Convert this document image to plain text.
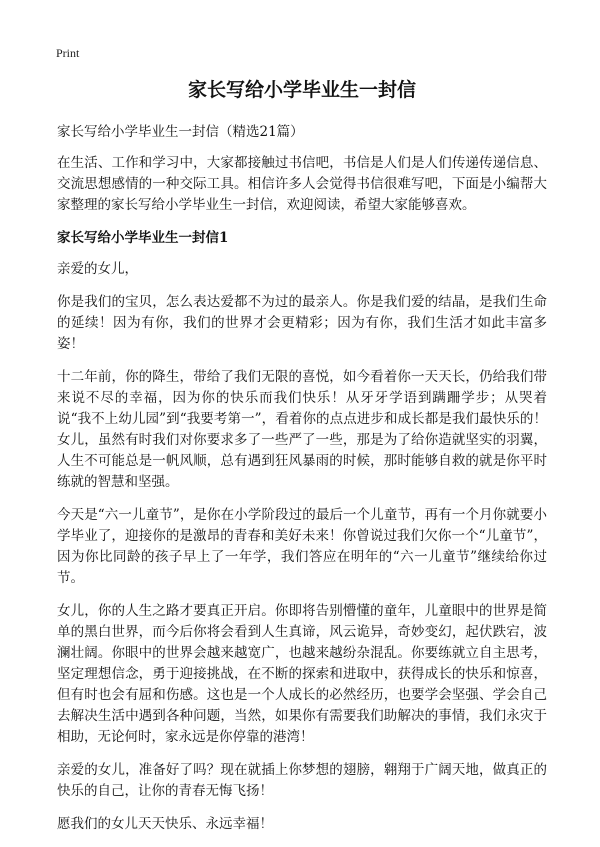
Print
家长写给小学毕业生一封信
家长写给小学毕业生一封信（精选21篇）

在生活、工作和学习中，大家都接触过书信吧，书信是人们是人们传递传递信息、交流思想感情的一种交际工具。相信许多人会觉得书信很难写吧，下面是小编帮大家整理的家长写给小学毕业生一封信，欢迎阅读，希望大家能够喜欢。

家长写给小学毕业生一封信1

亲爱的女儿，

你是我们的宝贝，怎么表达爱都不为过的最亲人。你是我们爱的结晶，是我们生命的延续！因为有你，我们的世界才会更精彩；因为有你，我们生活才如此丰富多姿！

十二年前，你的降生，带给了我们无限的喜悦，如今看着你一天天长，仍给我们带来说不尽的幸福，因为你的快乐而我们快乐！从牙牙学语到蹒跚学步；从哭着说“我不上幼儿园”到“我要考第一”，看着你的点点进步和成长都是我们最快乐的！女儿，虽然有时我们对你要求多了一些严了一些，那是为了给你造就坚实的羽翼，人生不可能总是一帆风顺，总有遇到狂风暴雨的时候，那时能够自救的就是你平时练就的智慧和坚强。

今天是“六一儿童节”，是你在小学阶段过的最后一个儿童节，再有一个月你就要小学毕业了，迎接你的是激昂的青春和美好未来！你曾说过我们欠你一个“儿童节”，因为你比同龄的孩子早上了一年学，我们答应在明年的“六一儿童节”继续给你过节。

女儿，你的人生之路才要真正开启。你即将告别懵懂的童年，儿童眼中的世界是简单的黑白世界，而今后你将会看到人生真谛，风云诡异，奇妙变幻，起伏跌宕，波澜壮阔。你眼中的世界会越来越宽广，也越来越纷杂混乱。你要练就立自主思考，坚定理想信念，勇于迎接挑战，在不断的探索和进取中，获得成长的快乐和惊喜，但有时也会有屈和伤感。这也是一个人成长的必然经历，也要学会坚强、学会自己去解决生活中遇到各种问题，当然，如果你有需要我们助解决的事情，我们永灾于相助，无论何时，家永远是你停靠的港湾！

亲爱的女儿，准备好了吗？现在就插上你梦想的翅膀，翱翔于广阔天地，做真正的快乐的自己，让你的青春无悔飞扬！

愿我们的女儿天天快乐、永远幸福！
